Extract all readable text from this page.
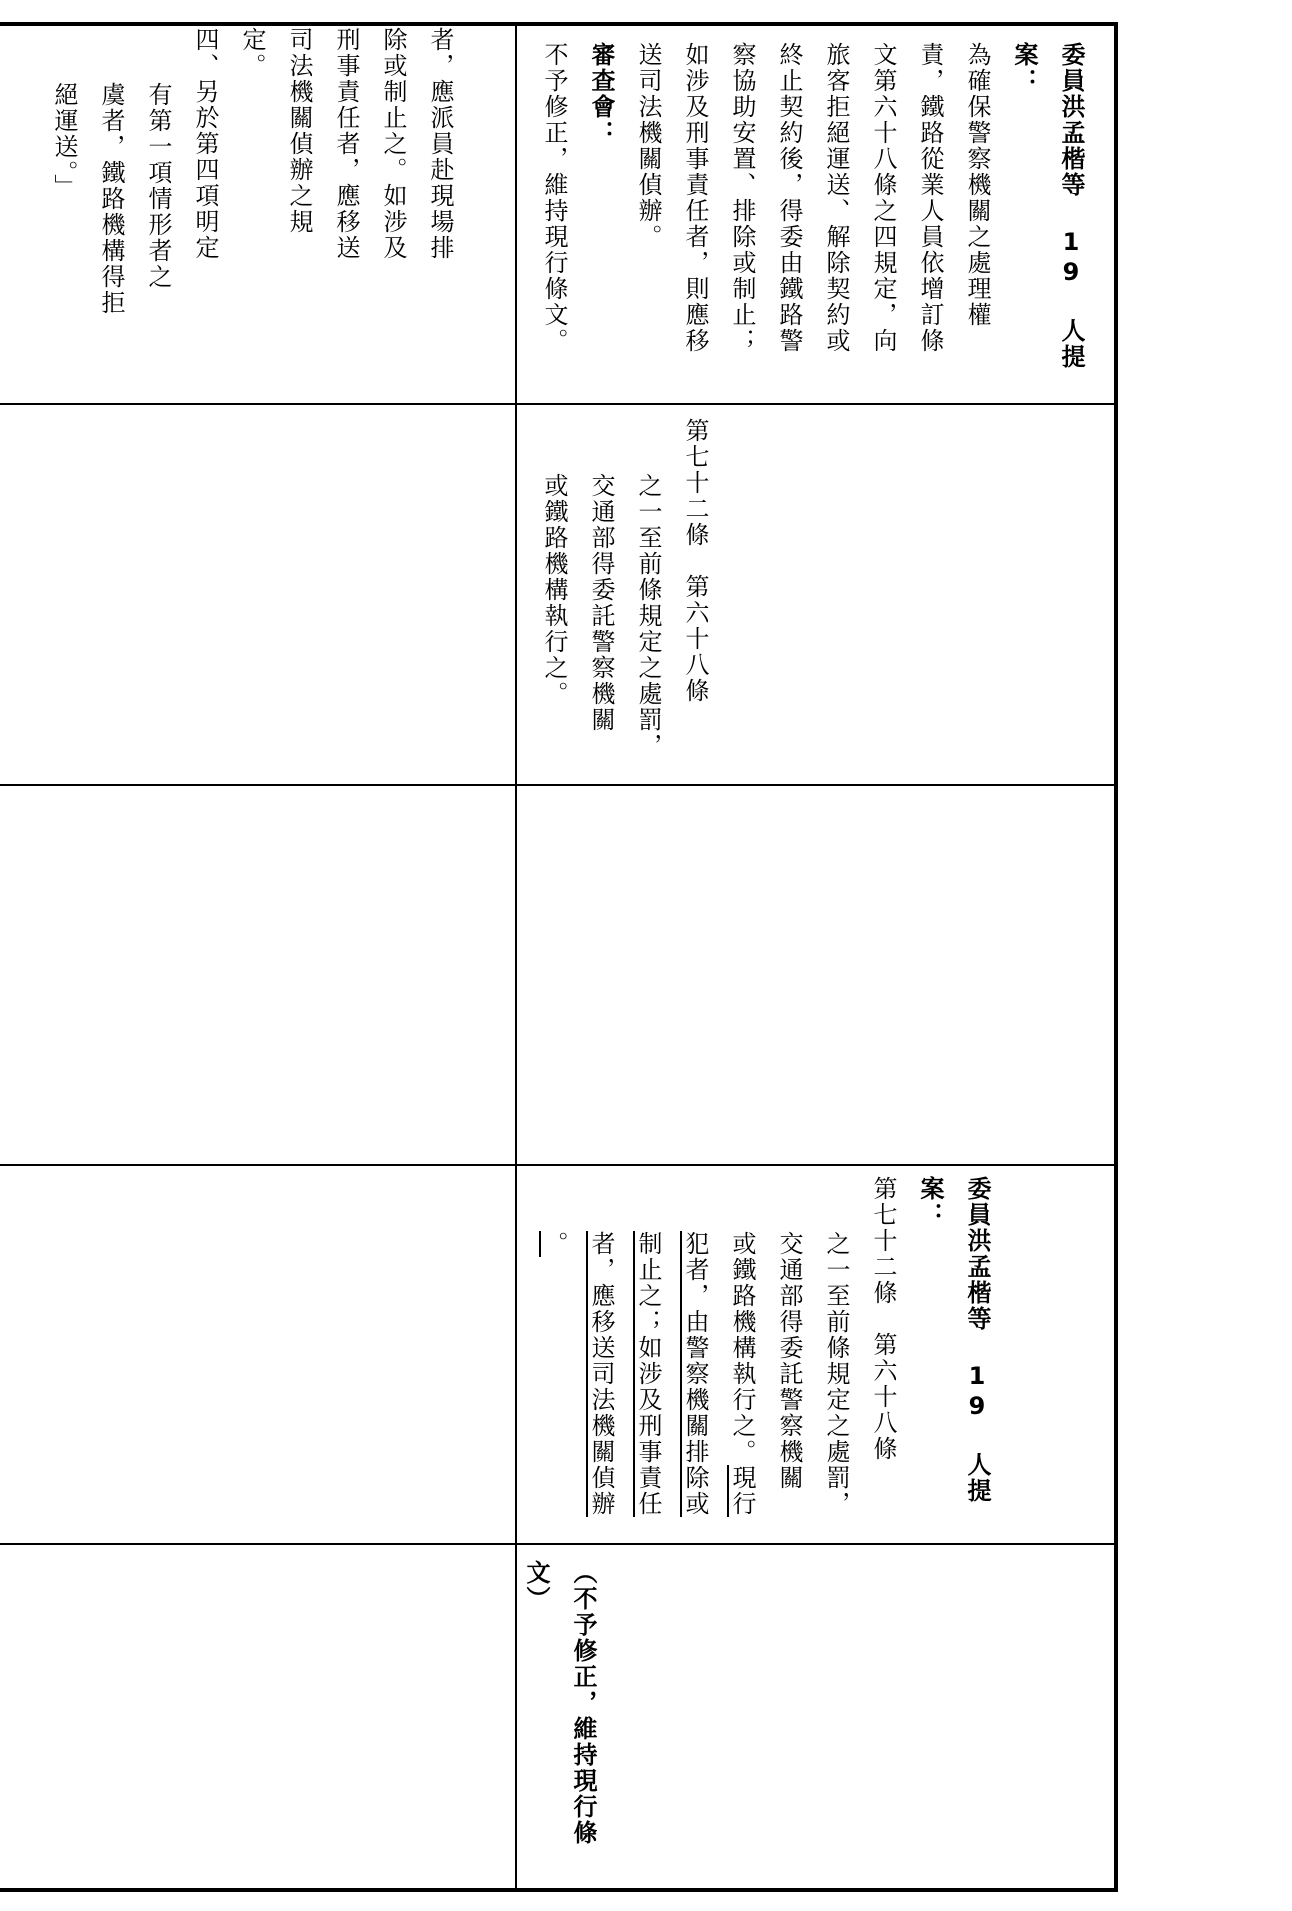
者，應派員赴現場排
除或制止之。如涉及
刑事責任者，應移送
司法機關偵辦之規
定。
四、另於第四項明定
有第一項情形者之
虞者，鐵路機構得拒
絕運送。」	委員洪孟楷等 19 人提案：
為確保警察機關之處理權
責，鐵路從業人員依增訂條
文第六十八條之四規定，向
旅客拒絕運送、解除契約或
終止契約後，得委由鐵路警
察協助安置、排除或制止；
如涉及刑事責任者，則應移
送司法機關偵辦。
審查會：
不予修正，維持現行條文。
第七十二條　第六十八條
之一至前條規定之處罰，
交通部得委託警察機關
或鐵路機構執行之。
委員洪孟楷等 19 人提案：
第七十二條　第六十八條
之一至前條規定之處罰，
交通部得委託警察機關
或鐵路機構執行之。現行
犯者，由警察機關排除或
制止之；如涉及刑事責任
者，應移送司法機關偵辦
。
（不予修正，維持現行條文）
